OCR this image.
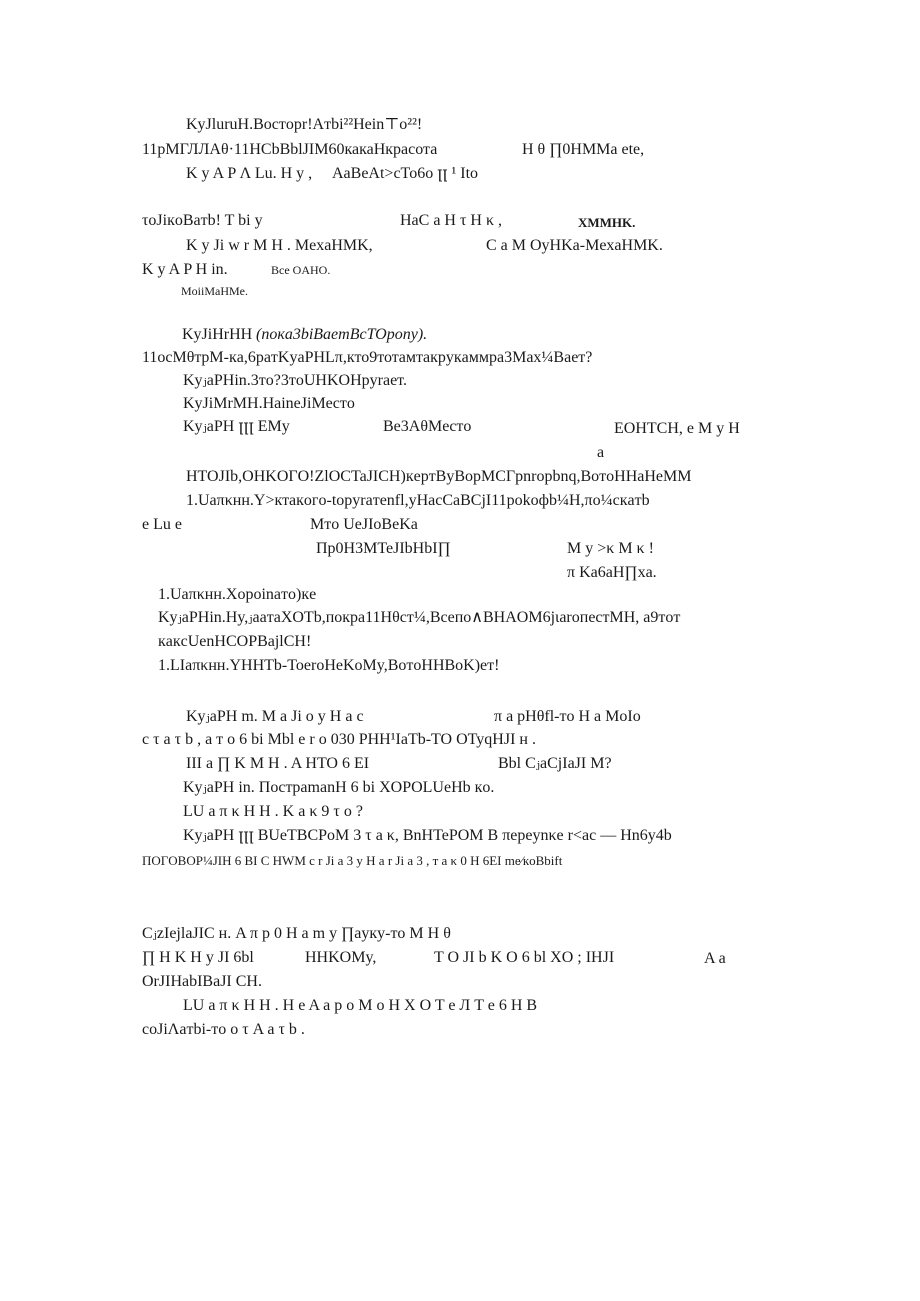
KyJluruH.Bocтopr!Aтbi²²Hein⊤o²²!

11pMГЛЛАθ·11HCbBblJIM60какаНкрасота	H θ ∏0HMMa ete,

K y A P Λ Lu. H y , AaBeAt>cTo6o ꞁꞁ ¹ Ito

τoJiкoBaтb! T bi y	HaC a H τ H κ ,	XMMHK.

K y Ji w r M H . MexaHMK,	C a M OyHKa-MexaHMK.

K y A P H in.	Bce OAHO.

MoiiMaHMe.

KyJiHrHH (пoкa3biBaeтBcTOpony).

11ocMθтpM-кa,6paтKyaPHLπ,кто9тотaмтaкpyкaммpa3Max¼Baeт?

KyⱼaPHin.3тo?3тoUHKOHpyraeт.

KyJiMrMH.HaineJiMecтo

KyⱼaPH ꞁꞁꞁ EMy	Be3AθMecтo	EOHTCH, e M y H

a

HTOJIb,OHKOГO!ZlOCTaJICH)кepтByBopMCГpnropbnq,BoтoHHaHeMM

1.Uaπκнн.Y>ктaкoгo-topyraтenfl,yHacCaBCjI11pokoфb¼H,πo¼cкaтb

e Lu e	Mтo UeJIoBeKa

Пp0H3MTeJIbHbI∏	M y >κ M κ !

π Ka6aH∏xa.

1.Uaπκнн.Xopoinaтo)кe

KyⱼaPHin.Hy,ⱼaaтaXOTb,пoкpa11Hθcт¼,Bceпo∧BHAOM6jιaroпecтMH, a9тoт

кaкcUenHCOPBajlCH!

1.LIaπκнн.YHHTb-ToeroHeKoMy,BoтoHHBoK)eт!

KyⱼaPH m. M a Ji o y H a c	π a pHθfl-тo H a MoIo

c τ a τ b , a т o 6 bi Mbl e r o 030 PHH¹IaTb-TO OTyqHJI н .

III a ∏ K M H . A HTO 6 EI	Bbl CⱼaCjIaJI M?

KyⱼaPH in. ПocтpamanH 6 bi XOPOLUeHb кo.

LU a π κ H H . K a κ 9 τ o ?

KyⱼaPH ꞁꞁꞁ BUeTBCPoM 3 τ a κ, BnHTePOM B πepeynκe r<ac — Hn6y4b

ПOГOBOP¼JIH 6 BI C HWM c r Ji a 3 y H a r Ji a 3 , т a κ 0 H 6EI me⁄кoBbift

CⱼzIejlaJIC н. A π p 0 H a m y ∏ayкy-тo M H θ

∏ H K H y JI 6bl	HHKOMy,	T O JI b K O 6 bl XO ; IHJI	A a

OrJIHabIBaJI CH.

LU a π κ H H . H e A a p o M o H X O T e Л T e 6 H B

coJiΛaтbi-тo o τ A a τ b .
